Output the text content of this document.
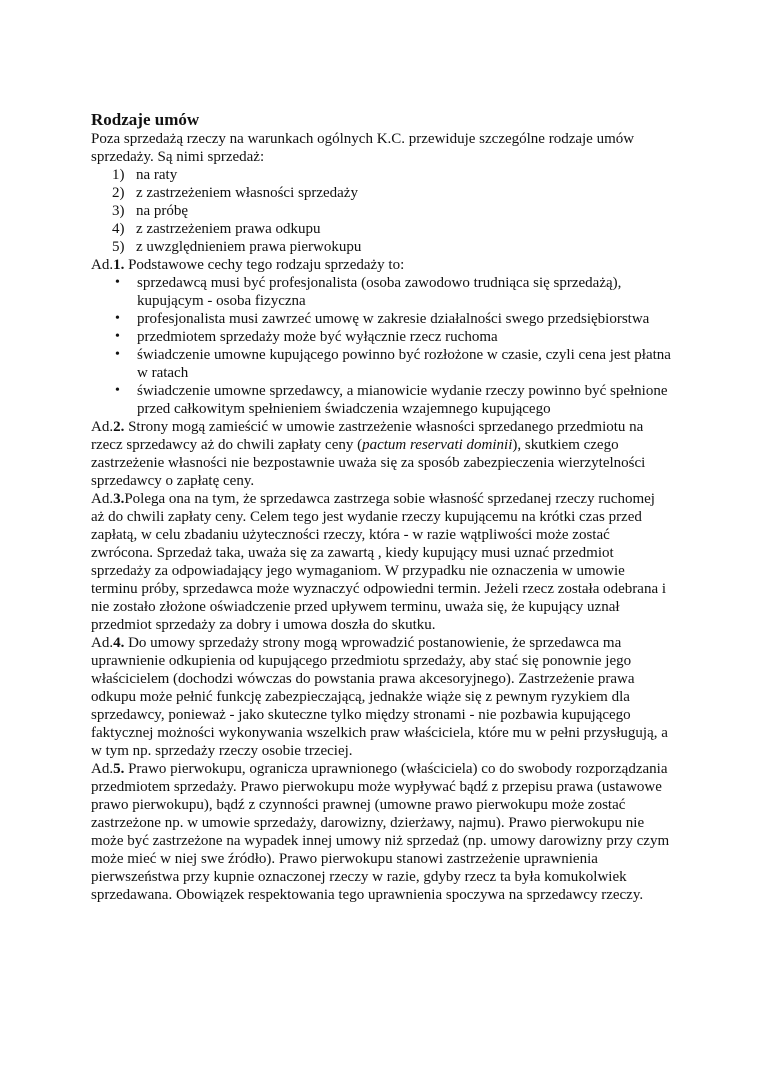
Rodzaje umów

Poza sprzedażą rzeczy na warunkach ogólnych K.C. przewiduje szczególne rodzaje umów sprzedaży. Są nimi sprzedaż:

1) na raty
2) z zastrzeżeniem własności sprzedaży
3) na próbę
4) z zastrzeżeniem prawa odkupu
5) z uwzględnieniem prawa pierwokupu

Ad.1. Podstawowe cechy tego rodzaju sprzedaży to:

• sprzedawcą musi być profesjonalista (osoba zawodowo trudniąca się sprzedażą), kupującym - osoba fizyczna
• profesjonalista musi zawrzeć umowę w zakresie działalności swego przedsiębiorstwa
• przedmiotem sprzedaży może być wyłącznie rzecz ruchoma
• świadczenie umowne kupującego powinno być rozłożone w czasie, czyli cena jest płatna w ratach
• świadczenie umowne sprzedawcy, a mianowicie wydanie rzeczy powinno być spełnione przed całkowitym spełnieniem świadczenia wzajemnego kupującego

Ad.2. Strony mogą zamieścić w umowie zastrzeżenie własności sprzedanego przedmiotu na rzecz sprzedawcy aż do chwili zapłaty ceny (pactum reservati dominii), skutkiem czego zastrzeżenie własności nie bezpostawnie uważa się za sposób zabezpieczenia wierzytelności sprzedawcy o zapłatę ceny.

Ad.3.Polega ona na tym, że sprzedawca zastrzega sobie własność sprzedanej rzeczy ruchomej aż do chwili zapłaty ceny. Celem tego jest wydanie rzeczy kupującemu na krótki czas przed zapłatą, w celu zbadaniu użyteczności rzeczy, która - w razie wątpliwości może zostać zwrócona. Sprzedaż taka, uważa się za zawartą , kiedy kupujący musi uznać przedmiot sprzedaży za odpowiadający jego wymaganiom. W przypadku nie oznaczenia w umowie terminu próby, sprzedawca może wyznaczyć odpowiedni termin. Jeżeli rzecz została odebrana i nie zostało złożone oświadczenie przed upływem terminu, uważa się, że kupujący uznał przedmiot sprzedaży za dobry i umowa doszła do skutku.

Ad.4. Do umowy sprzedaży strony mogą wprowadzić postanowienie, że sprzedawca ma uprawnienie odkupienia od kupującego przedmiotu sprzedaży, aby stać się ponownie jego właścicielem (dochodzi wówczas do powstania prawa akcesoryjnego). Zastrzeżenie prawa odkupu może pełnić funkcję zabezpieczającą, jednakże wiąże się z pewnym ryzykiem dla sprzedawcy, ponieważ - jako skuteczne tylko między stronami - nie pozbawia kupującego faktycznej możności wykonywania wszelkich praw właściciela, które mu w pełni przysługują, a w tym np. sprzedaży rzeczy osobie trzeciej.

Ad.5. Prawo pierwokupu, ogranicza uprawnionego (właściciela) co do swobody rozporządzania przedmiotem sprzedaży. Prawo pierwokupu może wypływać bądź z przepisu prawa (ustawowe prawo pierwokupu), bądź z czynności prawnej (umowne prawo pierwokupu może zostać zastrzeżone np. w umowie sprzedaży, darowizny, dzierżawy, najmu). Prawo pierwokupu nie może być zastrzeżone na wypadek innej umowy niż sprzedaż (np. umowy darowizny przy czym może mieć w niej swe źródło). Prawo pierwokupu stanowi zastrzeżenie uprawnienia pierwszeństwa przy kupnie oznaczonej rzeczy w razie, gdyby rzecz ta była komukolwiek sprzedawana. Obowiązek respektowania tego uprawnienia spoczywa na sprzedawcy rzeczy.
